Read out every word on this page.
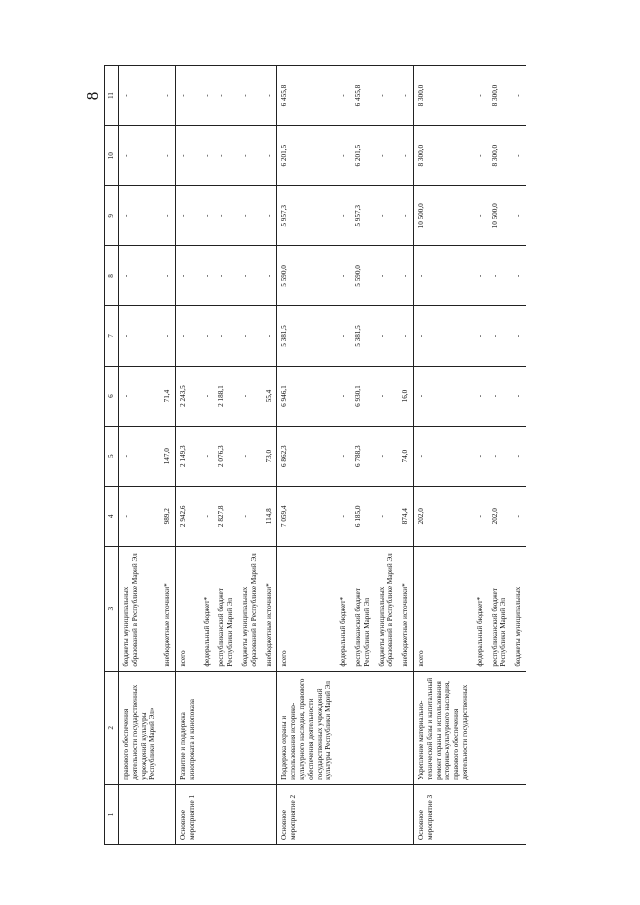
8
1	2	3	4	5	6	7	8	9	10	11
	правового обеспечения деятельности государственных учреждений культуры Республики Марий Эл»	бюджеты муниципальных образований в Республике Марий Эл	-	-	-	-	-	-	-	-
		внебюджетные источники*	989,2	147,0	71,4	-	-	-	-	-
Основное мероприятие 1	Развитие и поддержка кинопроката и кинопоказа	всего	2 942,6	2 149,3	2 243,5	-	-	-	-	-
		федеральный бюджет*	-	-	-	-	-	-	-	-
		республиканский бюджет Республики Марий Эл	2 827,8	2 076,3	2 188,1	-	-	-	-	-
		бюджеты муниципальных образований в Республике Марий Эл	-	-	-	-	-	-	-	-
		внебюджетные источники*	114,8	73,0	55,4	-	-	-	-	-
Основное мероприятие 2	Поддержка охраны и использования историко-культурного наследия, правового обеспечения деятельности государственных учреждений культуры Республики Марий Эл	всего	7 059,4	6 862,3	6 946,1	5 381,5	5 590,0	5 957,3	6 201,5	6 455,8
		федеральный бюджет*	-	-	-	-	-	-	-	-
		республиканский бюджет Республики Марий Эл	6 185,0	6 788,3	6 930,1	5 381,5	5 590,0	5 957,3	6 201,5	6 455,8
		бюджеты муниципальных образований в Республике Марий Эл	-	-	-	-	-	-	-	-
		внебюджетные источники*	874,4	74,0	16,0	-	-	-	-	-
Основное мероприятие 3	Укрепление материально-технической базы и капитальный ремонт охраны и использования историко-культурного наследия, правового обеспечения деятельности государственных	всего	202,0	-	-	-	-	10 500,0	8 300,0	8 300,0
		федеральный бюджет*	-	-	-	-	-	-	-	-
		республиканский бюджет Республики Марий Эл	202,0	-	-	-	-	10 500,0	8 300,0	8 300,0
		бюджеты муниципальных	-	-	-	-	-	-	-	-
